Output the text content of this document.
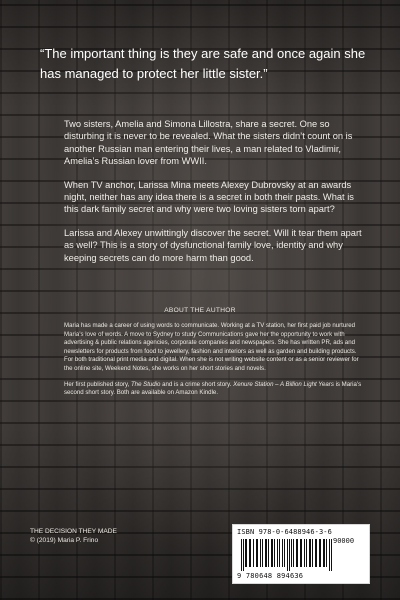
“The important thing is they are safe and once again she has managed to protect her little sister.”

Two sisters, Amelia and Simona Lillostra, share a secret. One so disturbing it is never to be revealed. What the sisters didn’t count on is another Russian man entering their lives, a man related to Vladimir, Amelia’s Russian lover from WWII.

When TV anchor, Larissa Mina meets Alexey Dubrovsky at an awards night, neither has any idea there is a secret in both their pasts. What is this dark family secret and why were two loving sisters torn apart?

Larissa and Alexey unwittingly discover the secret. Will it tear them apart as well? This is a story of dysfunctional family love, identity and why keeping secrets can do more harm than good.

ABOUT THE AUTHOR

Maria has made a career of using words to communicate. Working at a TV station, her first paid job nurtured Maria’s love of words. A move to Sydney to study Communications gave her the opportunity to work with advertising & public relations agencies, corporate companies and newspapers. She has written PR, ads and newsletters for products from food to jewellery, fashion and interiors as well as garden and building products. For both traditional print media and digital. When she is not writing website content or as a senior reviewer for the online site, Weekend Notes, she works on her short stories and novels.

Her first published story, The Studio and is a crime short story. Xenure Station – A Billion Light Years is Maria’s second short story. Both are available on Amazon Kindle.

THE DECISION THEY MADE
© (2019) Maria P. Frino
ISBN 978-0-6488946-3-6
90000
9 780648 894636
